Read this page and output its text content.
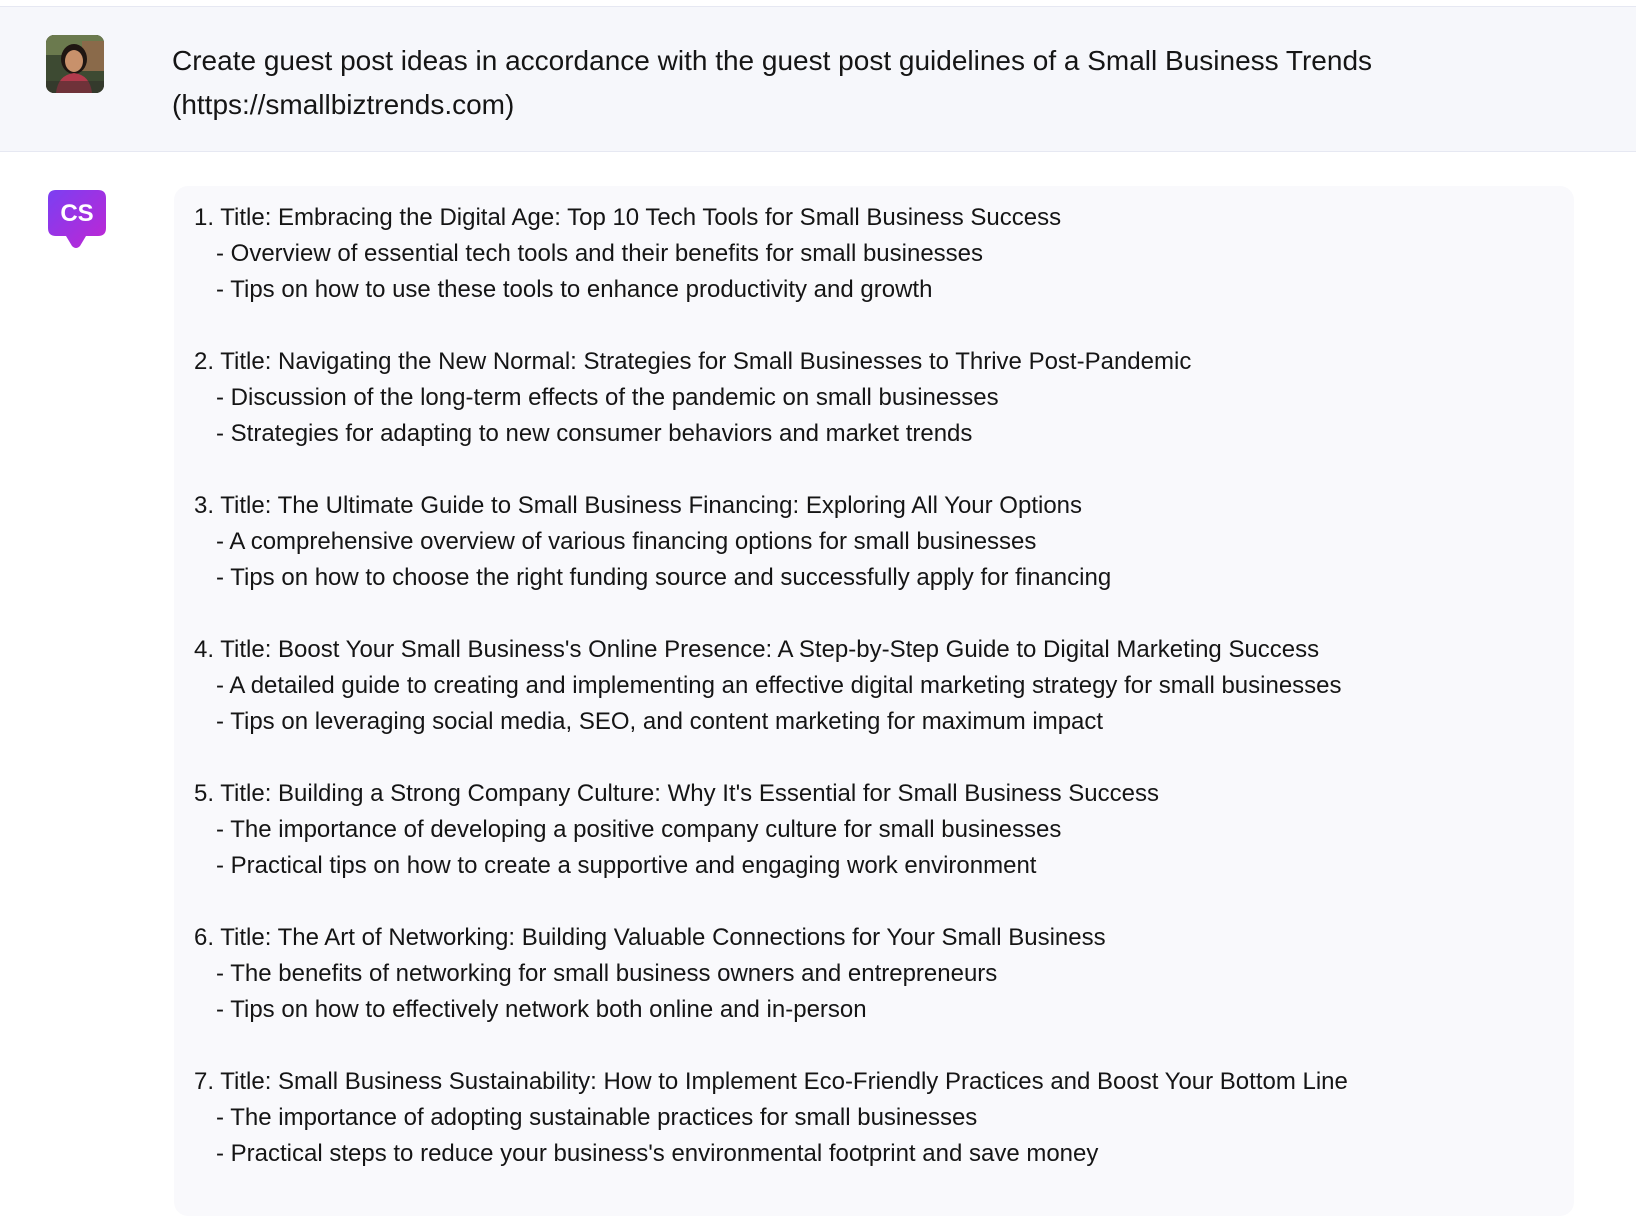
Create guest post ideas in accordance with the guest post guidelines of a Small Business Trends
(https://smallbiztrends.com)
CS	1. Title: Embracing the Digital Age: Top 10 Tech Tools for Small Business Success
- Overview of essential tech tools and their benefits for small businesses
- Tips on how to use these tools to enhance productivity and growth
2. Title: Navigating the New Normal: Strategies for Small Businesses to Thrive Post-Pandemic
- Discussion of the long-term effects of the pandemic on small businesses
- Strategies for adapting to new consumer behaviors and market trends
3. Title: The Ultimate Guide to Small Business Financing: Exploring All Your Options
- A comprehensive overview of various financing options for small businesses
- Tips on how to choose the right funding source and successfully apply for financing
4. Title: Boost Your Small Business's Online Presence: A Step-by-Step Guide to Digital Marketing Success
- A detailed guide to creating and implementing an effective digital marketing strategy for small businesses
- Tips on leveraging social media, SEO, and content marketing for maximum impact
5. Title: Building a Strong Company Culture: Why It's Essential for Small Business Success
- The importance of developing a positive company culture for small businesses
- Practical tips on how to create a supportive and engaging work environment
6. Title: The Art of Networking: Building Valuable Connections for Your Small Business
- The benefits of networking for small business owners and entrepreneurs
- Tips on how to effectively network both online and in-person
7. Title: Small Business Sustainability: How to Implement Eco-Friendly Practices and Boost Your Bottom Line
- The importance of adopting sustainable practices for small businesses
- Practical steps to reduce your business's environmental footprint and save money
